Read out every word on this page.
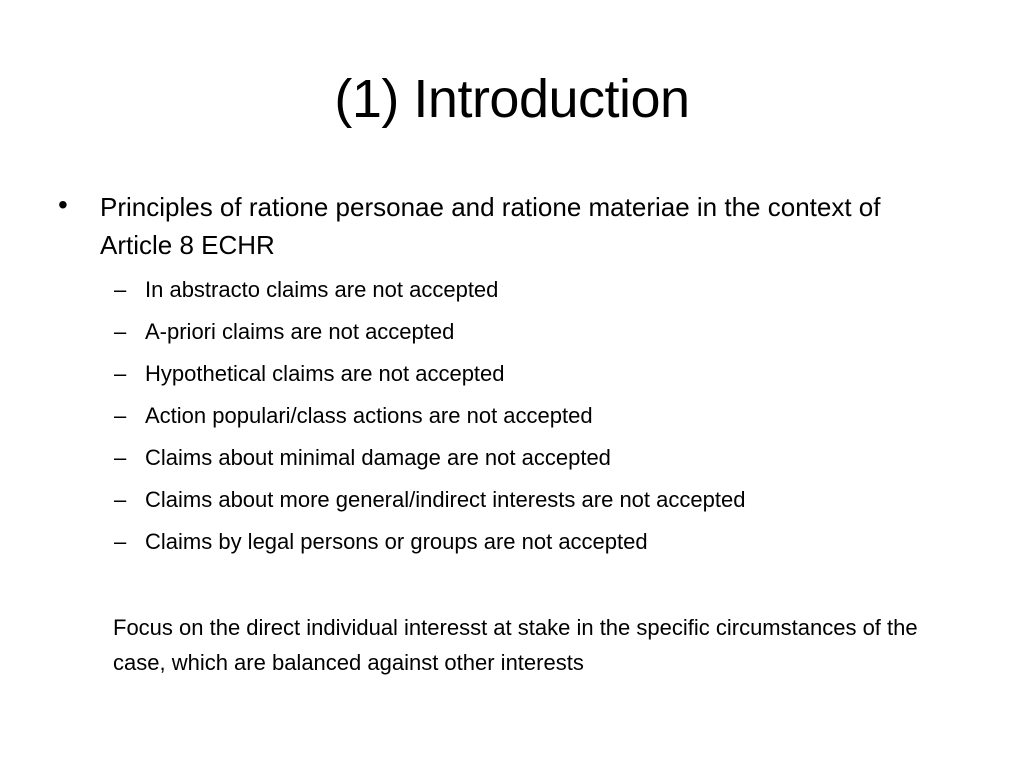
(1) Introduction
• Principles of ratione personae and ratione materiae in the context of Article 8 ECHR
– In abstracto claims are not accepted
– A-priori claims are not accepted
– Hypothetical claims are not accepted
– Action populari/class actions are not accepted
– Claims about minimal damage are not accepted
– Claims about more general/indirect interests are not accepted
– Claims by legal persons or groups are not accepted
Focus on the direct individual interesst at stake in the specific circumstances of the case, which are balanced against other interests
